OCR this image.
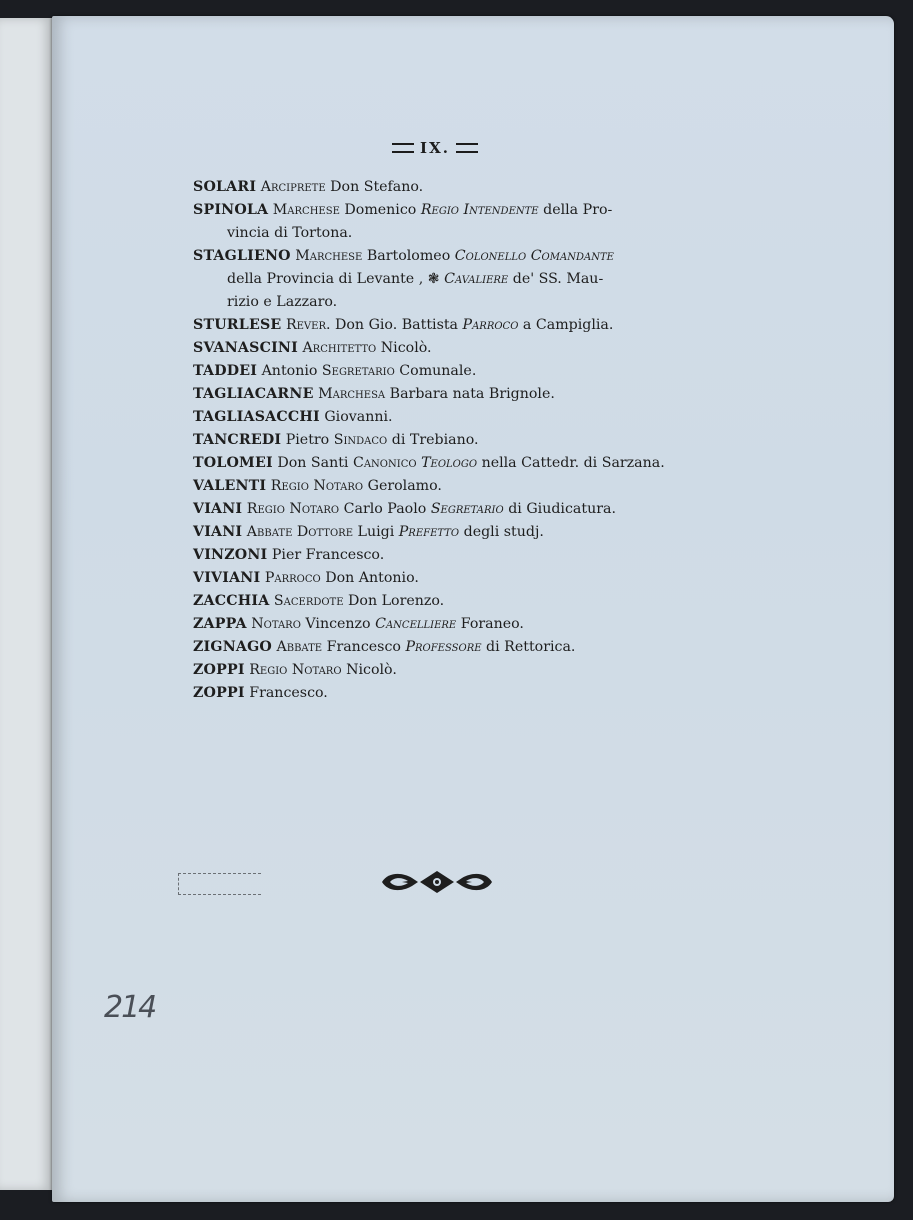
IX.
SOLARI Arciprete Don Stefano.
SPINOLA Marchese Domenico Regio Intendente della Pro-
vincia di Tortona.
STAGLIENO Marchese Bartolomeo Colonello Comandante
della Provincia di Levante , ❃ Cavaliere de' SS. Mau-
rizio e Lazzaro.
STURLESE Rever. Don Gio. Battista Parroco a Campiglia.
SVANASCINI Architetto Nicolò.
TADDEI Antonio Segretario Comunale.
TAGLIACARNE Marchesa Barbara nata Brignole.
TAGLIASACCHI Giovanni.
TANCREDI Pietro Sindaco di Trebiano.
TOLOMEI Don Santi Canonico Teologo nella Cattedr. di Sarzana.
VALENTI Regio Notaro Gerolamo.
VIANI Regio Notaro Carlo Paolo Segretario di Giudicatura.
VIANI Abbate Dottore Luigi Prefetto degli studj.
VINZONI Pier Francesco.
VIVIANI Parroco Don Antonio.
ZACCHIA Sacerdote Don Lorenzo.
ZAPPA Notaro Vincenzo Cancelliere Foraneo.
ZIGNAGO Abbate Francesco Professore di Rettorica.
ZOPPI Regio Notaro Nicolò.
ZOPPI Francesco.
214
